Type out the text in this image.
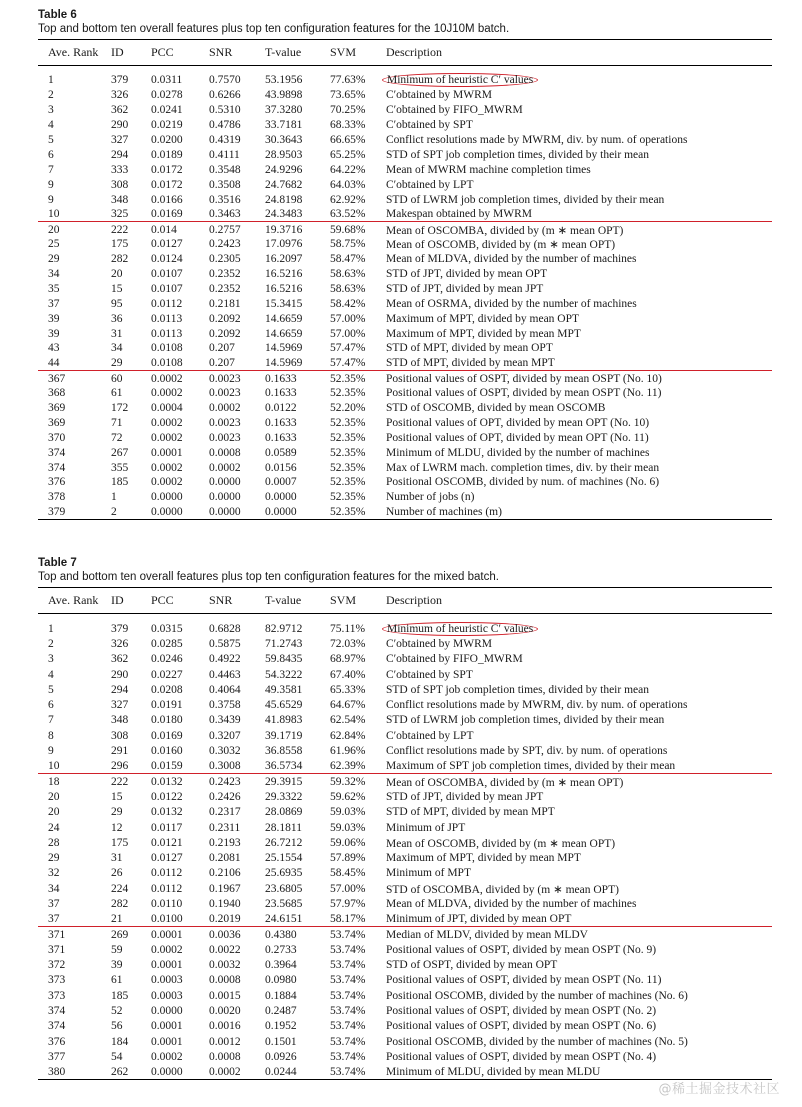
Table 6
Top and bottom ten overall features plus top ten configuration features for the 10J10M batch.
Ave. Rank	ID	PCC	SNR	T-value	SVM	Description

1	379	0.0311	0.7570	53.1956	77.63%	Minimum of heuristic C′ values
2	326	0.0278	0.6266	43.9898	73.65%	C′obtained by MWRM
3	362	0.0241	0.5310	37.3280	70.25%	C′obtained by FIFO_MWRM
4	290	0.0219	0.4786	33.7181	68.33%	C′obtained by SPT
5	327	0.0200	0.4319	30.3643	66.65%	Conflict resolutions made by MWRM, div. by num. of operations
6	294	0.0189	0.4111	28.9503	65.25%	STD of SPT job completion times, divided by their mean
7	333	0.0172	0.3548	24.9296	64.22%	Mean of MWRM machine completion times
9	308	0.0172	0.3508	24.7682	64.03%	C′obtained by LPT
9	348	0.0166	0.3516	24.8198	62.92%	STD of LWRM job completion times, divided by their mean
10	325	0.0169	0.3463	24.3483	63.52%	Makespan obtained by MWRM
20	222	0.014	0.2757	19.3716	59.68%	Mean of OSCOMBA, divided by (m ∗ mean OPT)
25	175	0.0127	0.2423	17.0976	58.75%	Mean of OSCOMB, divided by (m ∗ mean OPT)
29	282	0.0124	0.2305	16.2097	58.47%	Mean of MLDVA, divided by the number of machines
34	20	0.0107	0.2352	16.5216	58.63%	STD of JPT, divided by mean OPT
35	15	0.0107	0.2352	16.5216	58.63%	STD of JPT, divided by mean JPT
37	95	0.0112	0.2181	15.3415	58.42%	Mean of OSRMA, divided by the number of machines
39	36	0.0113	0.2092	14.6659	57.00%	Maximum of MPT, divided by mean OPT
39	31	0.0113	0.2092	14.6659	57.00%	Maximum of MPT, divided by mean MPT
43	34	0.0108	0.207	14.5969	57.47%	STD of MPT, divided by mean OPT
44	29	0.0108	0.207	14.5969	57.47%	STD of MPT, divided by mean MPT
367	60	0.0002	0.0023	0.1633	52.35%	Positional values of OSPT, divided by mean OSPT (No. 10)
368	61	0.0002	0.0023	0.1633	52.35%	Positional values of OSPT, divided by mean OSPT (No. 11)
369	172	0.0004	0.0002	0.0122	52.20%	STD of OSCOMB, divided by mean OSCOMB
369	71	0.0002	0.0023	0.1633	52.35%	Positional values of OPT, divided by mean OPT (No. 10)
370	72	0.0002	0.0023	0.1633	52.35%	Positional values of OPT, divided by mean OPT (No. 11)
374	267	0.0001	0.0008	0.0589	52.35%	Minimum of MLDU, divided by the number of machines
374	355	0.0002	0.0002	0.0156	52.35%	Max of LWRM mach. completion times, div. by their mean
376	185	0.0002	0.0000	0.0007	52.35%	Positional OSCOMB, divided by num. of machines (No. 6)
378	1	0.0000	0.0000	0.0000	52.35%	Number of jobs (n)
379	2	0.0000	0.0000	0.0000	52.35%	Number of machines (m)
Table 7
Top and bottom ten overall features plus top ten configuration features for the mixed batch.
Ave. Rank	ID	PCC	SNR	T-value	SVM	Description

1	379	0.0315	0.6828	82.9712	75.11%	Minimum of heuristic C′ values
2	326	0.0285	0.5875	71.2743	72.03%	C′obtained by MWRM
3	362	0.0246	0.4922	59.8435	68.97%	C′obtained by FIFO_MWRM
4	290	0.0227	0.4463	54.3222	67.40%	C′obtained by SPT
5	294	0.0208	0.4064	49.3581	65.33%	STD of SPT job completion times, divided by their mean
6	327	0.0191	0.3758	45.6529	64.67%	Conflict resolutions made by MWRM, div. by num. of operations
7	348	0.0180	0.3439	41.8983	62.54%	STD of LWRM job completion times, divided by their mean
8	308	0.0169	0.3207	39.1719	62.84%	C′obtained by LPT
9	291	0.0160	0.3032	36.8558	61.96%	Conflict resolutions made by SPT, div. by num. of operations
10	296	0.0159	0.3008	36.5734	62.39%	Maximum of SPT job completion times, divided by their mean
18	222	0.0132	0.2423	29.3915	59.32%	Mean of OSCOMBA, divided by (m ∗ mean OPT)
20	15	0.0122	0.2426	29.3322	59.62%	STD of JPT, divided by mean JPT
20	29	0.0132	0.2317	28.0869	59.03%	STD of MPT, divided by mean MPT
24	12	0.0117	0.2311	28.1811	59.03%	Minimum of JPT
28	175	0.0121	0.2193	26.7212	59.06%	Mean of OSCOMB, divided by (m ∗ mean OPT)
29	31	0.0127	0.2081	25.1554	57.89%	Maximum of MPT, divided by mean MPT
32	26	0.0112	0.2106	25.6935	58.45%	Minimum of MPT
34	224	0.0112	0.1967	23.6805	57.00%	STD of OSCOMBA, divided by (m ∗ mean OPT)
37	282	0.0110	0.1940	23.5685	57.97%	Mean of MLDVA, divided by the number of machines
37	21	0.0100	0.2019	24.6151	58.17%	Minimum of JPT, divided by mean OPT
371	269	0.0001	0.0036	0.4380	53.74%	Median of MLDV, divided by mean MLDV
371	59	0.0002	0.0022	0.2733	53.74%	Positional values of OSPT, divided by mean OSPT (No. 9)
372	39	0.0001	0.0032	0.3964	53.74%	STD of OSPT, divided by mean OPT
373	61	0.0003	0.0008	0.0980	53.74%	Positional values of OSPT, divided by mean OSPT (No. 11)
373	185	0.0003	0.0015	0.1884	53.74%	Positional OSCOMB, divided by the number of machines (No. 6)
374	52	0.0000	0.0020	0.2487	53.74%	Positional values of OSPT, divided by mean OSPT (No. 2)
374	56	0.0001	0.0016	0.1952	53.74%	Positional values of OSPT, divided by mean OSPT (No. 6)
376	184	0.0001	0.0012	0.1501	53.74%	Positional OSCOMB, divided by the number of machines (No. 5)
377	54	0.0002	0.0008	0.0926	53.74%	Positional values of OSPT, divided by mean OSPT (No. 4)
380	262	0.0000	0.0002	0.0244	53.74%	Minimum of MLDU, divided by mean MLDU
@稀土掘金技术社区
